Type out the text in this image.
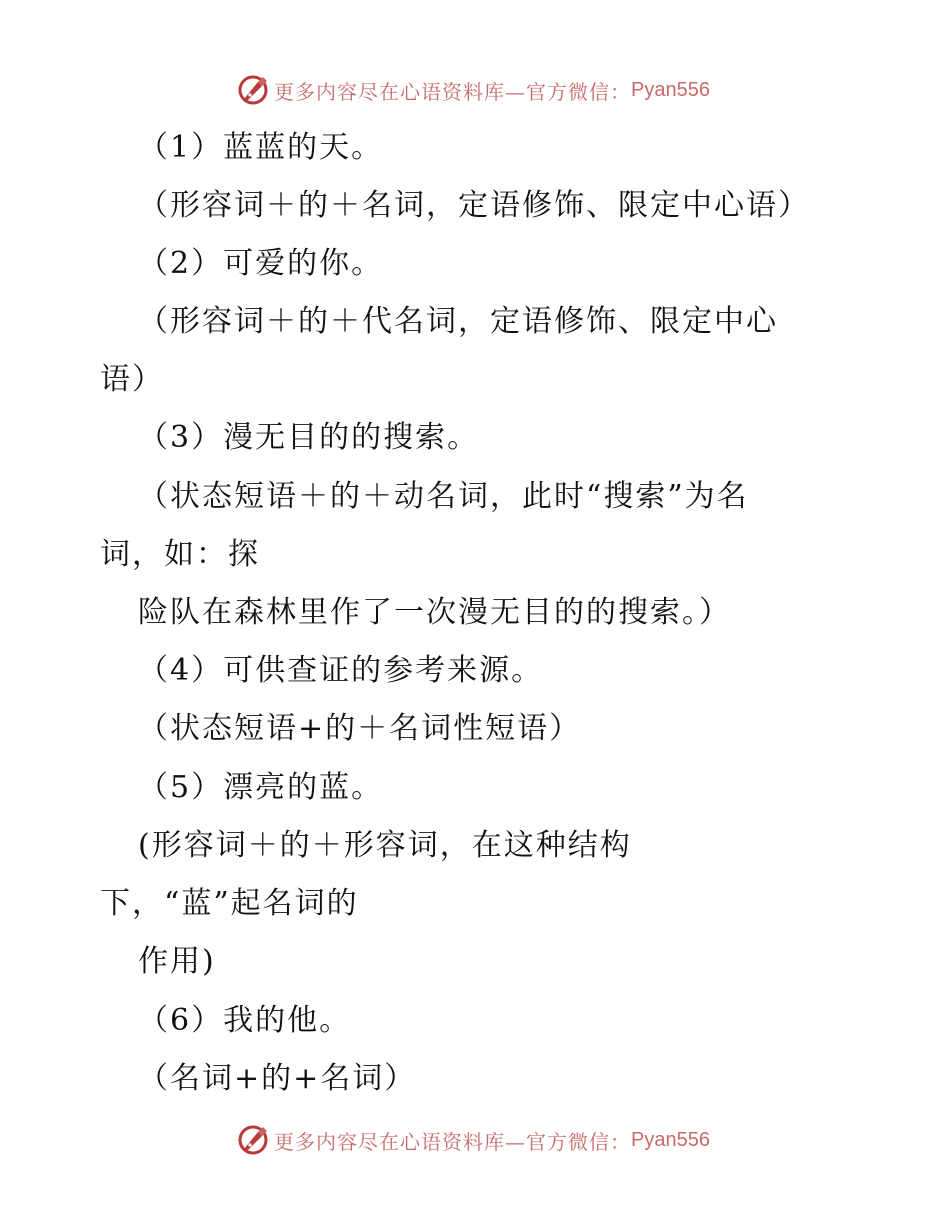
更多内容尽在心语资料库—官方微信： Pyan556
（1）蓝蓝的天。
（形容词＋的＋名词，定语修饰、限定中心语）
（2）可爱的你。
（形容词＋的＋代名词，定语修饰、限定中心
语）
（3）漫无目的的搜索。
（状态短语＋的＋动名词，此时“搜索”为名
词，如：探
险队在森林里作了一次漫无目的的搜索。）
（4）可供查证的参考来源。
（状态短语+的＋名词性短语）
（5）漂亮的蓝。
(形容词＋的＋形容词，在这种结构
下，“蓝”起名词的
作用)
（6）我的他。
（名词+的+名词）
更多内容尽在心语资料库—官方微信： Pyan556
